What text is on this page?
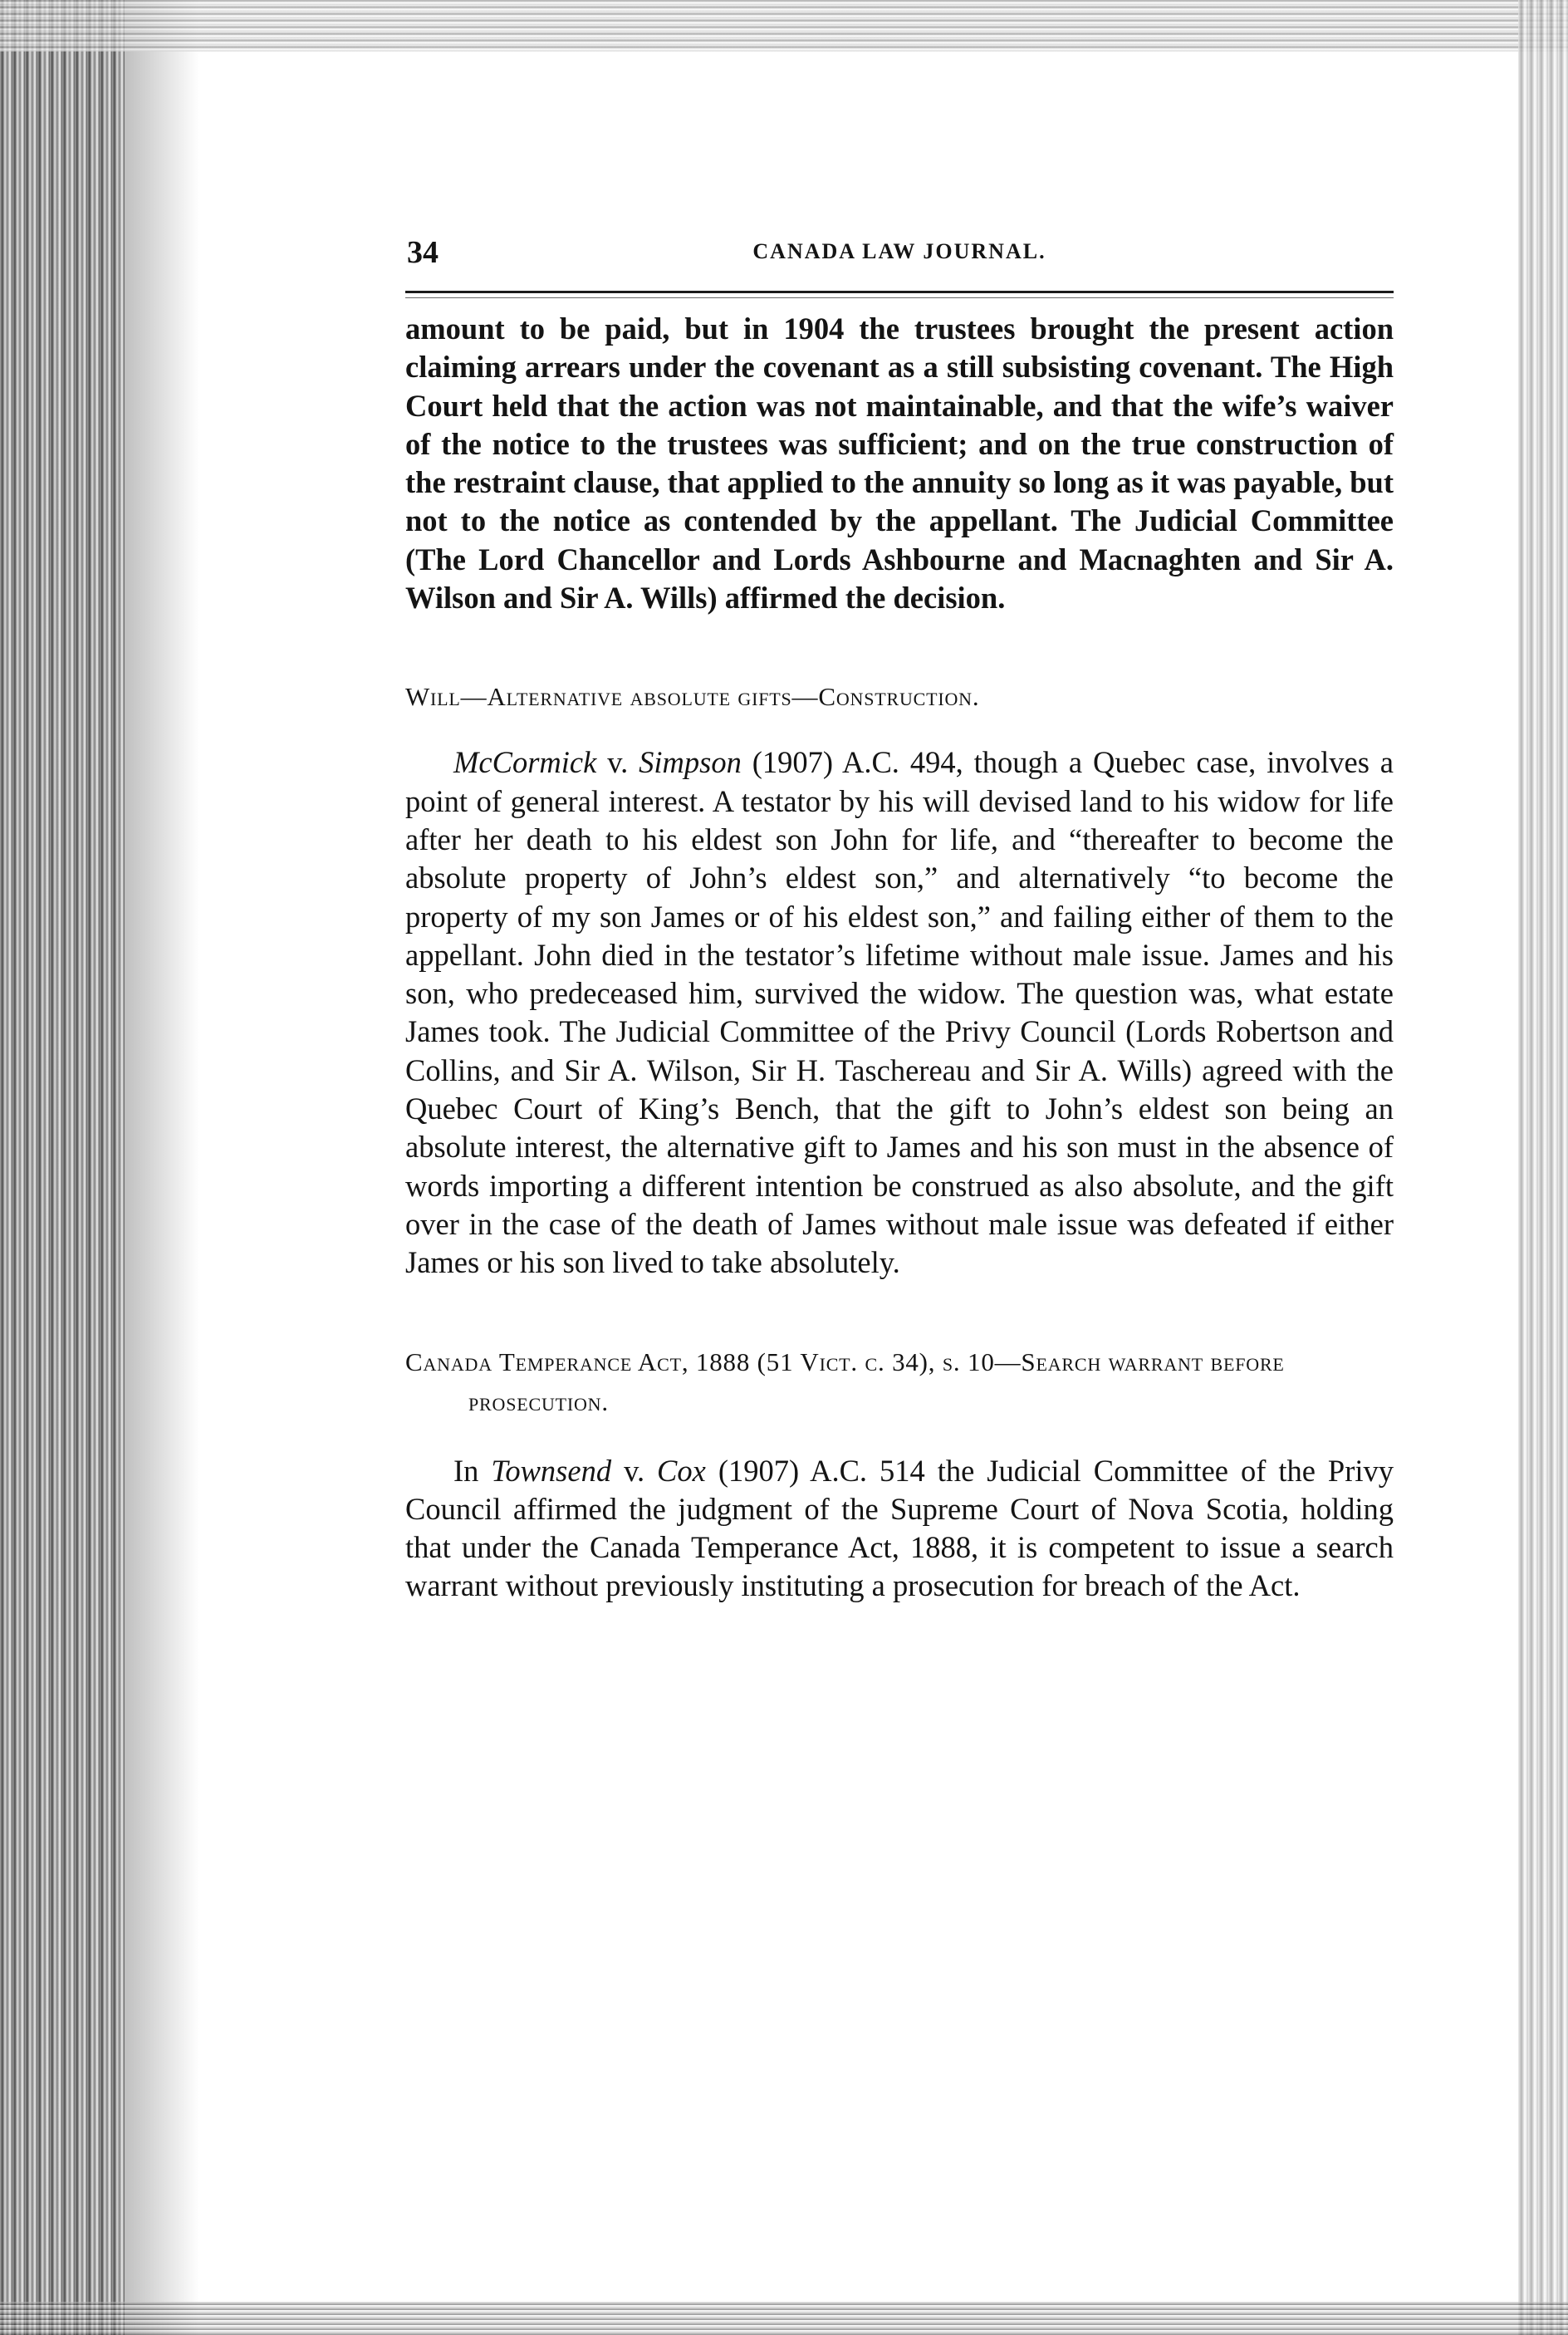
34	CANADA LAW JOURNAL.

amount to be paid, but in 1904 the trustees brought the present action claiming arrears under the covenant as a still subsisting covenant. The High Court held that the action was not maintainable, and that the wife’s waiver of the notice to the trustees was sufficient; and on the true construction of the restraint clause, that applied to the annuity so long as it was payable, but not to the notice as contended by the appellant. The Judicial Committee (The Lord Chancellor and Lords Ashbourne and Macnaghten and Sir A. Wilson and Sir A. Wills) affirmed the decision.

Will—Alternative absolute gifts—Construction.

McCormick v. Simpson (1907) A.C. 494, though a Quebec case, involves a point of general interest. A testator by his will devised land to his widow for life after her death to his eldest son John for life, and “thereafter to become the absolute property of John’s eldest son,” and alternatively “to become the property of my son James or of his eldest son,” and failing either of them to the appellant. John died in the testator’s lifetime without male issue. James and his son, who predeceased him, survived the widow. The question was, what estate James took. The Judicial Committee of the Privy Council (Lords Robertson and Collins, and Sir A. Wilson, Sir H. Taschereau and Sir A. Wills) agreed with the Quebec Court of King’s Bench, that the gift to John’s eldest son being an absolute interest, the alternative gift to James and his son must in the absence of words importing a different intention be construed as also absolute, and the gift over in the case of the death of James without male issue was defeated if either James or his son lived to take absolutely.

Canada Temperance Act, 1888 (51 Vict. c. 34), s. 10—Search warrant before prosecution.

In Townsend v. Cox (1907) A.C. 514 the Judicial Committee of the Privy Council affirmed the judgment of the Supreme Court of Nova Scotia, holding that under the Canada Temperance Act, 1888, it is competent to issue a search warrant without previously instituting a prosecution for breach of the Act.
